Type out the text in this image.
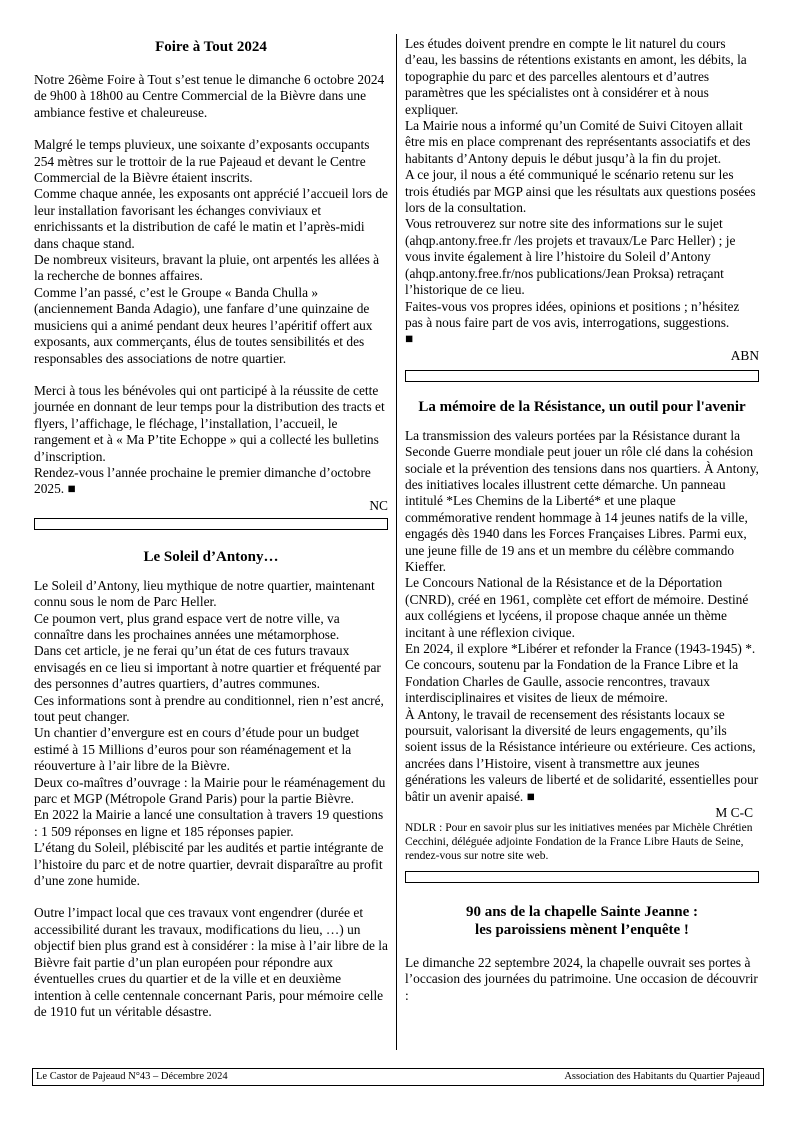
Foire à Tout 2024

Notre 26ème Foire à Tout s’est tenue le dimanche 6 octobre 2024 de 9h00 à 18h00 au Centre Commercial de la Bièvre dans une ambiance festive et chaleureuse.

Malgré le temps pluvieux, une soixante d’exposants occupants 254 mètres sur le trottoir de la rue Pajeaud et devant le Centre Commercial de la Bièvre étaient inscrits.

Comme chaque année, les exposants ont apprécié l’accueil lors de leur installation favorisant les échanges conviviaux et enrichissants et la distribution de café le matin et l’après-midi dans chaque stand.

De nombreux visiteurs, bravant la pluie, ont arpentés les allées à la recherche de bonnes affaires.

Comme l’an passé, c’est le Groupe « Banda Chulla » (anciennement Banda Adagio), une fanfare d’une quinzaine de musiciens qui a animé pendant deux heures l’apéritif offert aux exposants, aux commerçants, élus de toutes sensibilités et des responsables des associations de notre quartier.

Merci à tous les bénévoles qui ont participé à la réussite de cette journée en donnant de leur temps pour la distribution des tracts et flyers, l’affichage, le fléchage, l’installation, l’accueil, le rangement et à « Ma P’tite Echoppe » qui a collecté les bulletins d’inscription.

Rendez-vous l’année prochaine le premier dimanche d’octobre 2025. ■

NC

Le Soleil d’Antony…

Le Soleil d’Antony, lieu mythique de notre quartier, maintenant connu sous le nom de Parc Heller.

Ce poumon vert, plus grand espace vert de notre ville, va connaître dans les prochaines années une métamorphose.

Dans cet article, je ne ferai qu’un état de ces futurs travaux envisagés en ce lieu si important à notre quartier et fréquenté par des personnes d’autres quartiers, d’autres communes.

Ces informations sont à prendre au conditionnel, rien n’est ancré, tout peut changer.

Un chantier d’envergure est en cours d’étude pour un budget estimé à 15 Millions d’euros pour son réaménagement et la réouverture à l’air libre de la Bièvre.

Deux co-maîtres d’ouvrage : la Mairie pour le réaménagement du parc et MGP (Métropole Grand Paris) pour la partie Bièvre.

En 2022 la Mairie a lancé une consultation à travers 19 questions : 1 509 réponses en ligne et 185 réponses papier.

L’étang du Soleil, plébiscité par les audités et partie intégrante de l’histoire du parc et de notre quartier, devrait disparaître au profit d’une zone humide.

Outre l’impact local que ces travaux vont engendrer (durée et accessibilité durant les travaux, modifications du lieu, …) un objectif bien plus grand est à considérer : la mise à l’air libre de la Bièvre fait partie d’un plan européen pour répondre aux éventuelles crues du quartier et de la ville et en deuxième intention à celle centennale concernant Paris, pour mémoire celle de 1910 fut un véritable désastre.

Les études doivent prendre en compte le lit naturel du cours d’eau, les bassins de rétentions existants en amont, les débits, la topographie du parc et des parcelles alentours et d’autres paramètres que les spécialistes ont à considérer et à nous expliquer.

La Mairie nous a informé qu’un Comité de Suivi Citoyen allait être mis en place comprenant des représentants associatifs et des habitants d’Antony depuis le début jusqu’à la fin du projet.

A ce jour, il nous a été communiqué le scénario retenu sur les trois étudiés par MGP ainsi que les résultats aux questions posées lors de la consultation.

Vous retrouverez sur notre site des informations sur le sujet (ahqp.antony.free.fr /les projets et travaux/Le Parc Heller) ; je vous invite également à lire l’histoire du Soleil d’Antony (ahqp.antony.free.fr/nos publications/Jean Proksa) retraçant l’historique de ce lieu.

Faites-vous vos propres idées, opinions et positions ; n’hésitez pas à nous faire part de vos avis, interrogations, suggestions.

■

ABN

La mémoire de la Résistance, un outil pour l'avenir

La transmission des valeurs portées par la Résistance durant la Seconde Guerre mondiale peut jouer un rôle clé dans la cohésion sociale et la prévention des tensions dans nos quartiers. À Antony, des initiatives locales illustrent cette démarche. Un panneau intitulé *Les Chemins de la Liberté* et une plaque commémorative rendent hommage à 14 jeunes natifs de la ville, engagés dès 1940 dans les Forces Françaises Libres. Parmi eux, une jeune fille de 19 ans et un membre du célèbre commando Kieffer.

Le Concours National de la Résistance et de la Déportation (CNRD), créé en 1961, complète cet effort de mémoire. Destiné aux collégiens et lycéens, il propose chaque année un thème incitant à une réflexion civique.

En 2024, il explore *Libérer et refonder la France (1943-1945) *. Ce concours, soutenu par la Fondation de la France Libre et la Fondation Charles de Gaulle, associe rencontres, travaux interdisciplinaires et visites de lieux de mémoire.

À Antony, le travail de recensement des résistants locaux se poursuit, valorisant la diversité de leurs engagements, qu’ils soient issus de la Résistance intérieure ou extérieure. Ces actions, ancrées dans l’Histoire, visent à transmettre aux jeunes générations les valeurs de liberté et de solidarité, essentielles pour bâtir un avenir apaisé. ■

M C-C

NDLR : Pour en savoir plus sur les initiatives menées par Michèle Chrétien Cecchini, déléguée adjointe Fondation de la France Libre Hauts de Seine, rendez-vous sur notre site web.

90 ans de la chapelle Sainte Jeanne :
les paroissiens mènent l’enquête !

Le dimanche 22 septembre 2024, la chapelle ouvrait ses portes à l’occasion des journées du patrimoine. Une occasion de découvrir :

Le Castor de Pajeaud N°43 – Décembre 2024	Association des Habitants du Quartier Pajeaud
